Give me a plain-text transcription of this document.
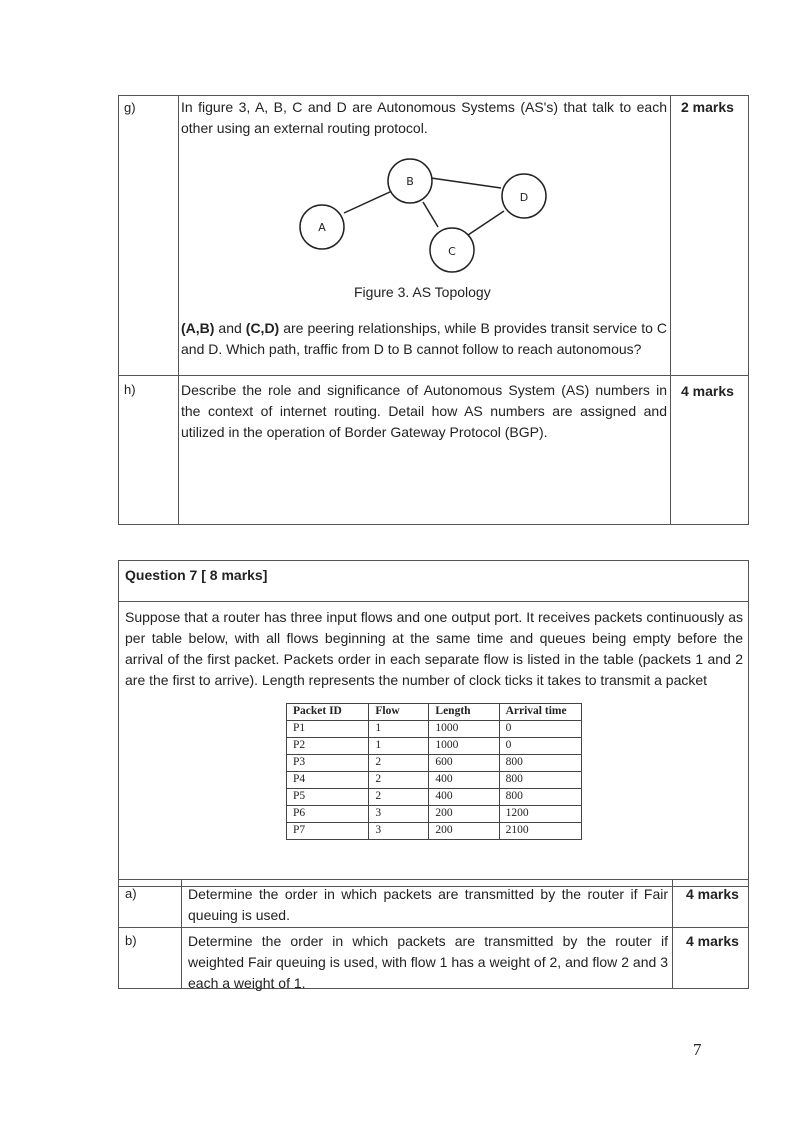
g)	In figure 3, A, B, C and D are Autonomous Systems (AS's) that talk to each other using an external routing protocol.
2 marks
A
B
C
D
Figure 3. AS Topology
(A,B) and (C,D) are peering relationships, while B provides transit service to C and D. Which path, traffic from D to B cannot follow to reach autonomous?
h)	Describe the role and significance of Autonomous System (AS) numbers in the context of internet routing. Detail how AS numbers are assigned and utilized in the operation of Border Gateway Protocol (BGP).
4 marks
Question 7 [ 8 marks]
Suppose that a router has three input flows and one output port. It receives packets continuously as per table below, with all flows beginning at the same time and queues being empty before the arrival of the first packet. Packets order in each separate flow is listed in the table (packets 1 and 2 are the first to arrive). Length represents the number of clock ticks it takes to transmit a packet
Packet ID	Flow	Length	Arrival time
P1	1	1000	0
P2	1	1000	0
P3	2	600	800
P4	2	400	800
P5	2	400	800
P6	3	200	1200
P7	3	200	2100
a)	Determine the order in which packets are transmitted by the router if Fair queuing is used.
4 marks
b)	Determine the order in which packets are transmitted by the router if weighted Fair queuing is used, with flow 1 has a weight of 2, and flow 2 and 3 each a weight of 1.
4 marks
7
